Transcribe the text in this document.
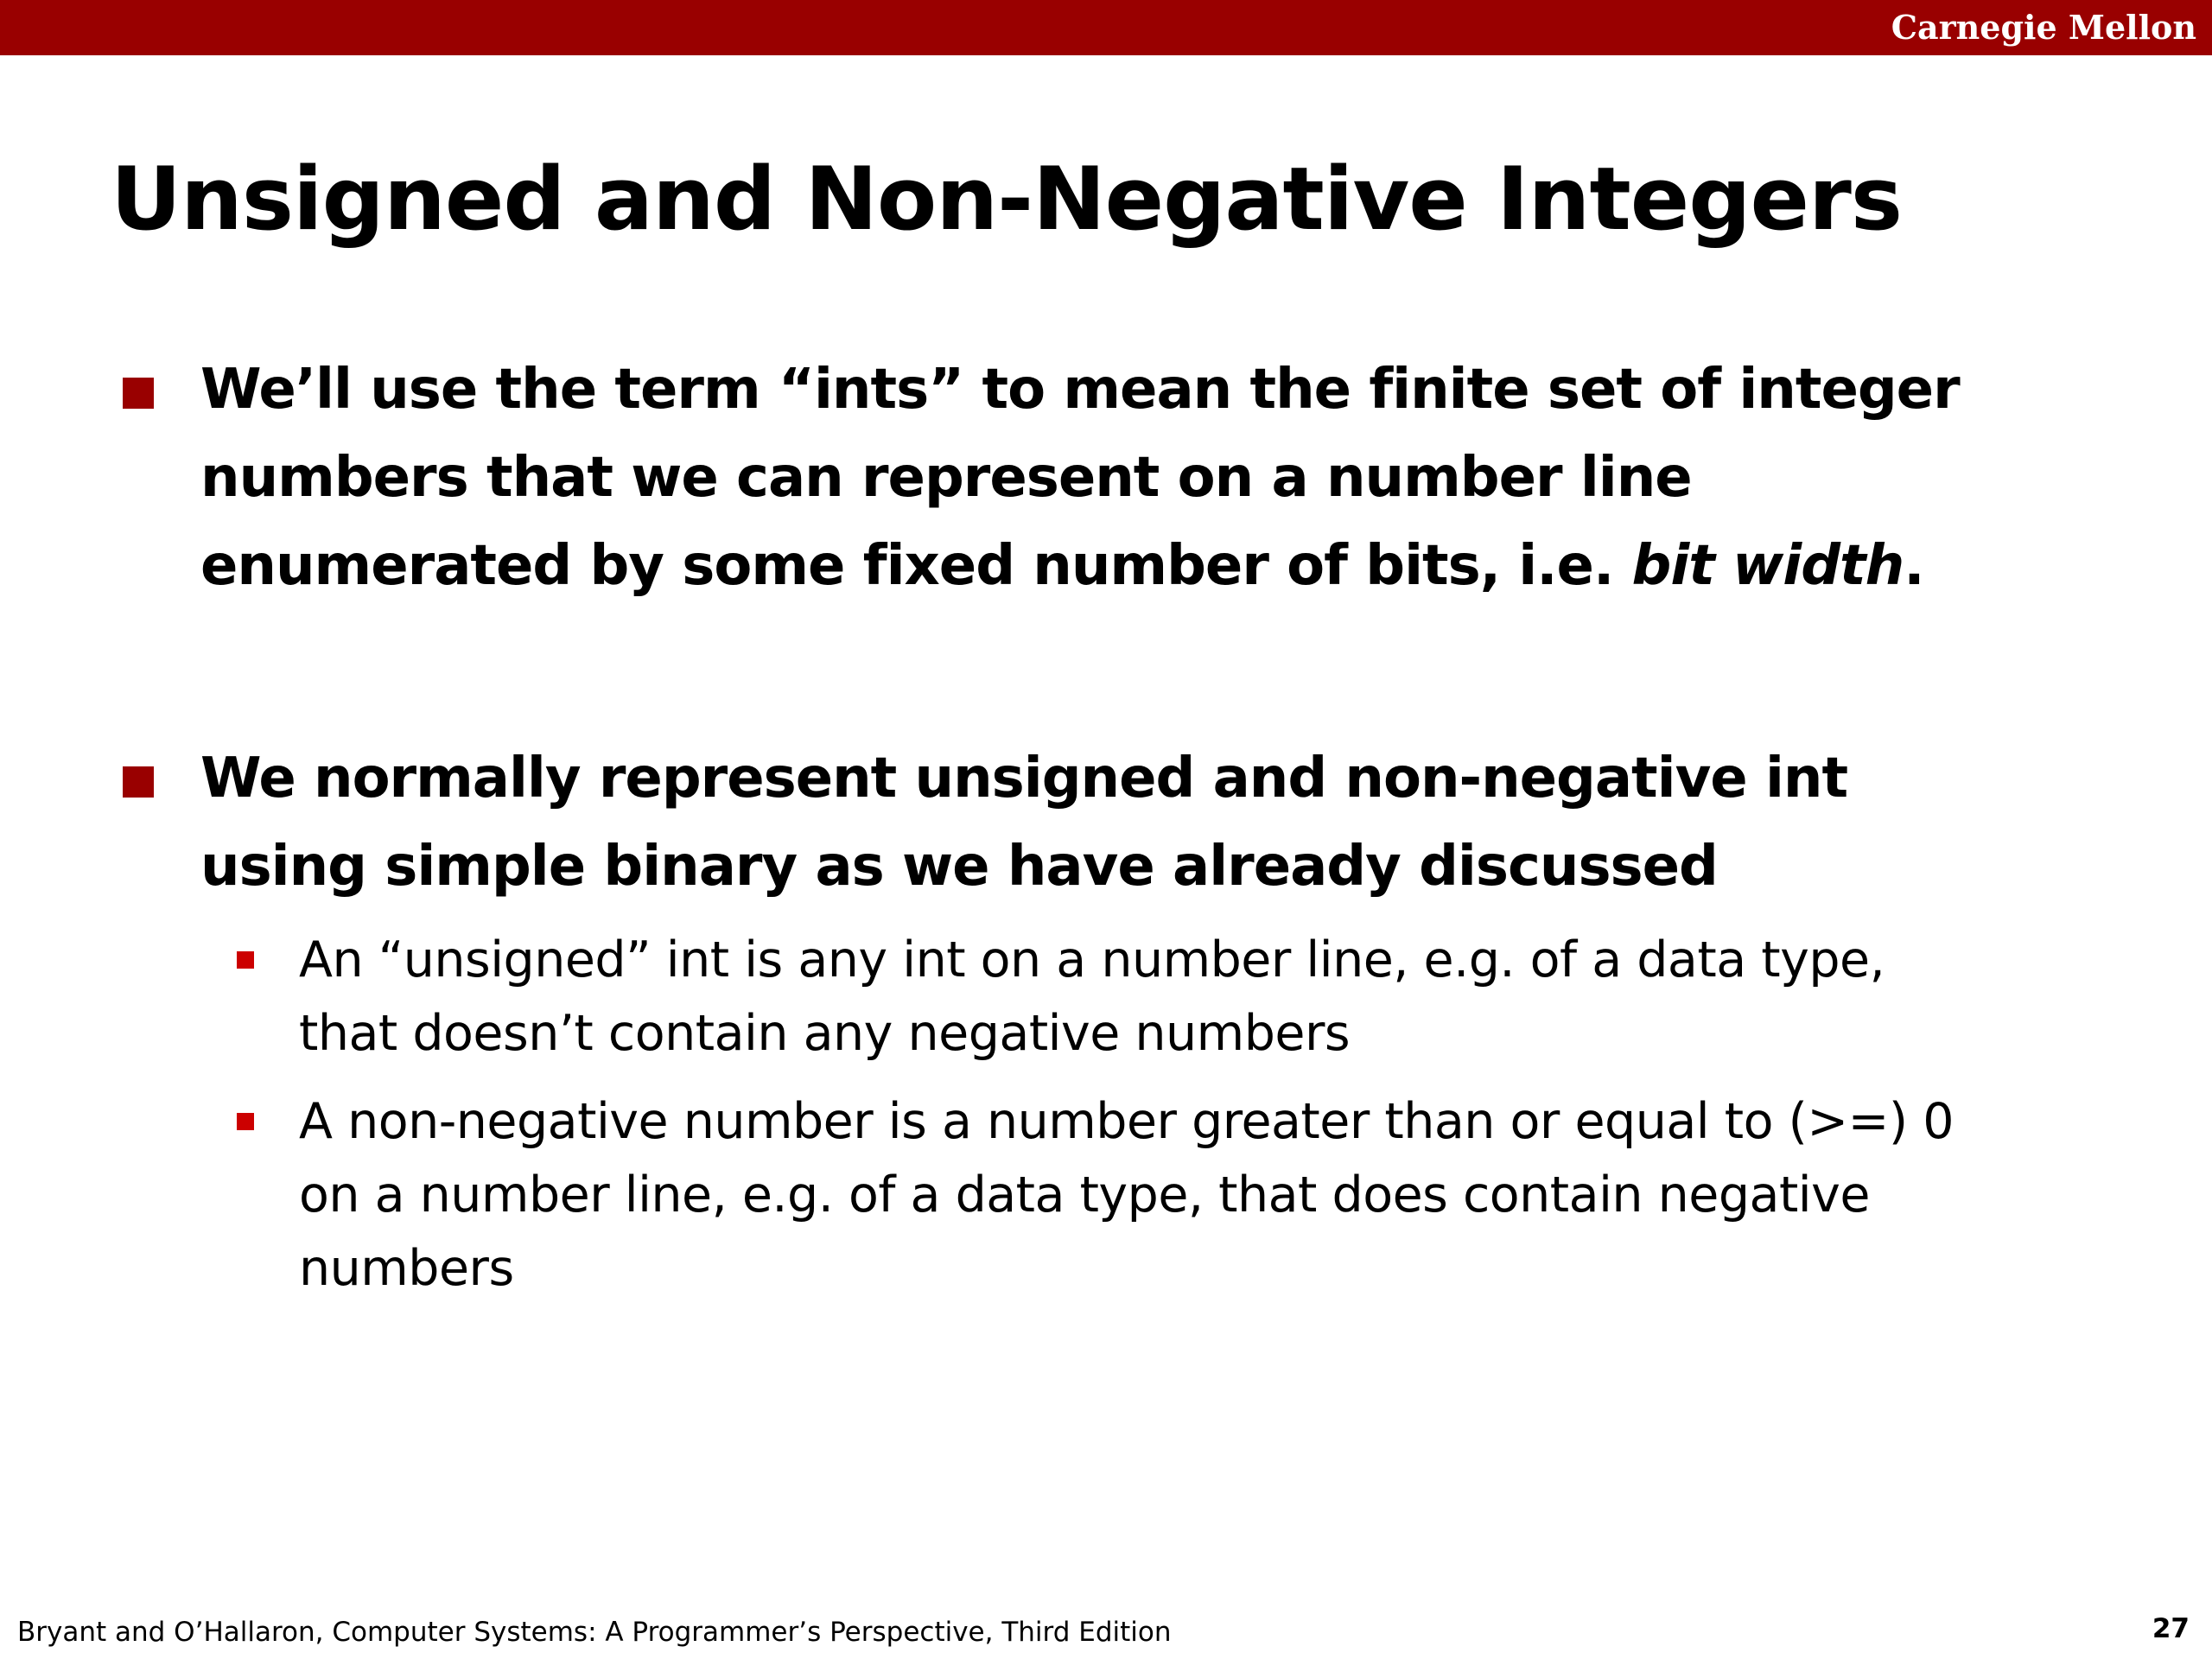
Carnegie Mellon
Unsigned and Non-Negative Integers
We’ll use the term “ints” to mean the finite set of integer
numbers that we can represent on a number line
enumerated by some fixed number of bits, i.e. bit width.
We normally represent unsigned and non-negative int
using simple binary as we have already discussed
An “unsigned” int is any int on a number line, e.g. of a data type,
that doesn’t contain any negative numbers
A non-negative number is a number greater than or equal to (>=) 0
on a number line, e.g. of a data type, that does contain negative
numbers
Bryant and O’Hallaron, Computer Systems: A Programmer’s Perspective, Third Edition	27
